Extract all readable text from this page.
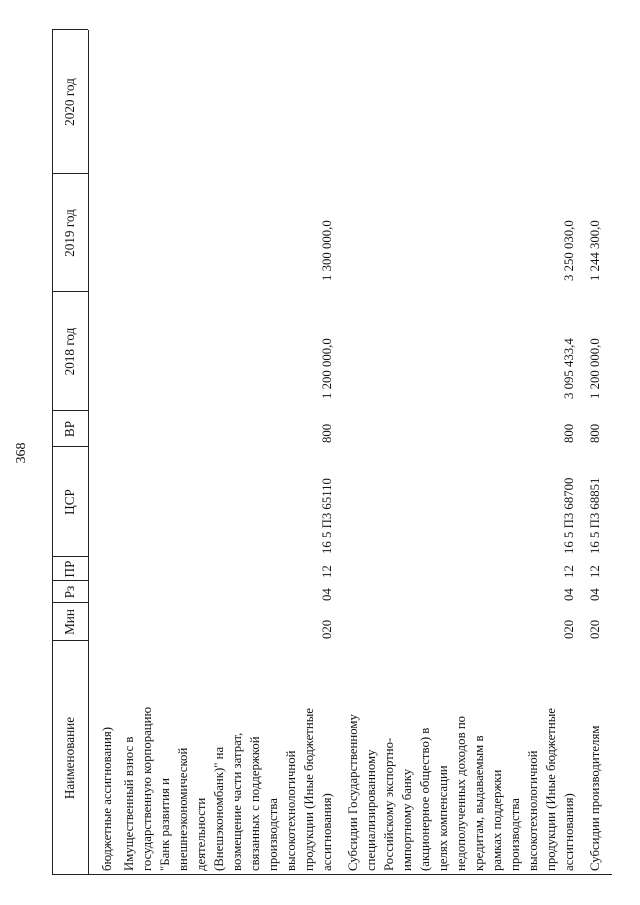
368
Наименование
Мин
Рз
ПР
ЦСР
ВР
2018 год
2019 год
2020 год
бюджетные ассигнования) Имущественный взнос в государственную корпорацию "Банк развития и внешнеэкономической деятельности (Внешэкономбанк)" на возмещение части затрат, связанных с поддержкой производства высокотехнологичной продукции (Иные бюджетные ассигнования)
020
04
12
16 5 П3 65110
800
1 200 000,0
1 300 000,0
Субсидии Государственному специализированному Российскому экспортно- импортному банку (акционерное общество) в целях компенсации недополученных доходов по кредитам, выдаваемым в рамках поддержки производства высокотехнологичной продукции (Иные бюджетные ассигнования)
020
04
12
16 5 П3 68700
800
3 095 433,4
3 250 030,0
Субсидии производителям
020
04
12
16 5 П3 68851
800
1 200 000,0
1 244 300,0
